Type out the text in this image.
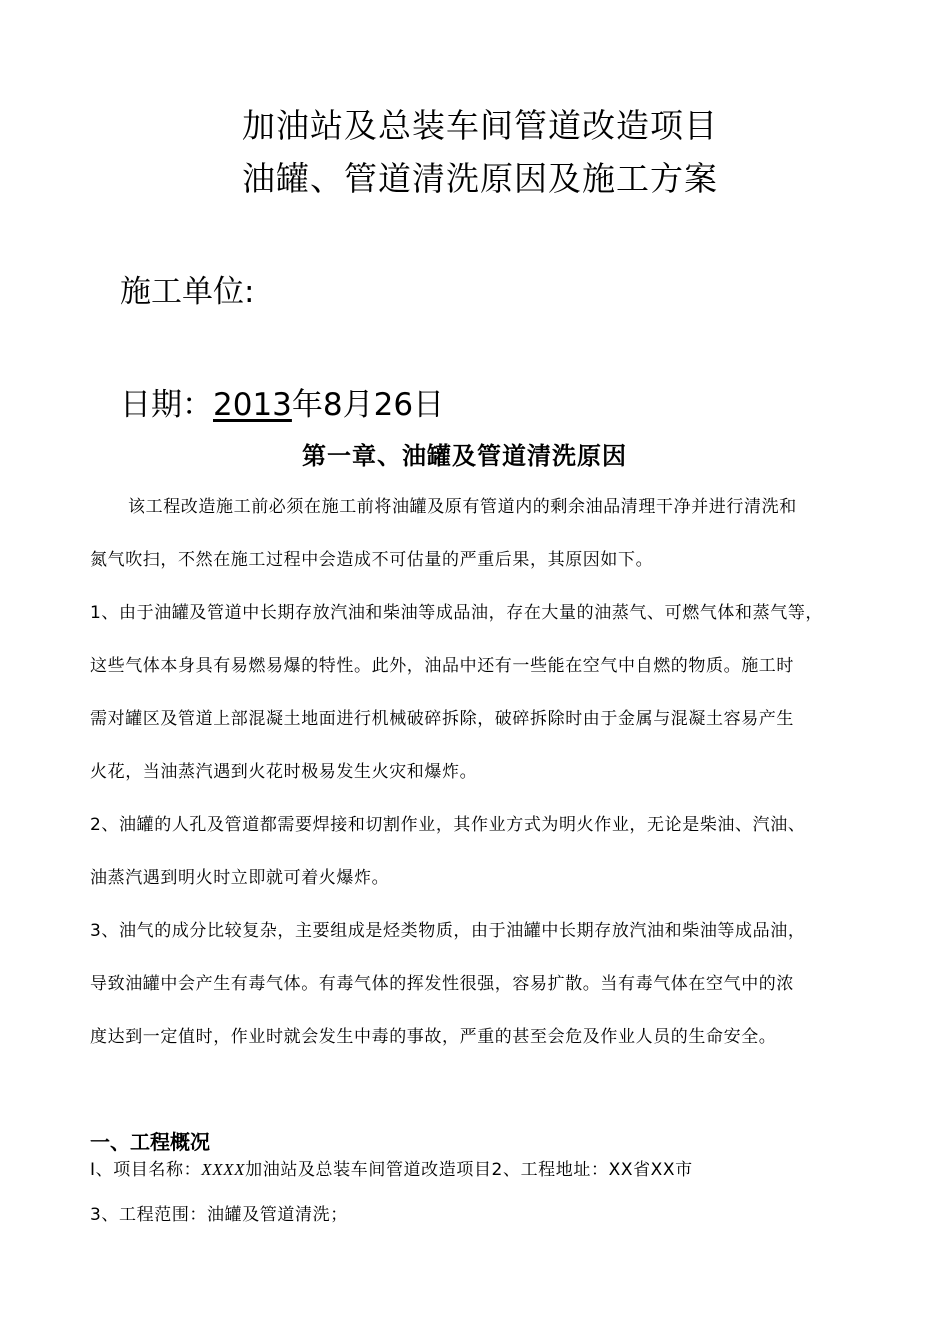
加油站及总装车间管道改造项目
油罐、管道清洗原因及施工方案
施工单位:
日期：2013年8月26日
第一章、油罐及管道清洗原因
该工程改造施工前必须在施工前将油罐及原有管道内的剩余油品清理干净并进行清洗和
氮气吹扫，不然在施工过程中会造成不可估量的严重后果，其原因如下。
1、由于油罐及管道中长期存放汽油和柴油等成品油，存在大量的油蒸气、可燃气体和蒸气等，
这些气体本身具有易燃易爆的特性。此外，油品中还有一些能在空气中自燃的物质。施工时
需对罐区及管道上部混凝土地面进行机械破碎拆除，破碎拆除时由于金属与混凝土容易产生
火花，当油蒸汽遇到火花时极易发生火灾和爆炸。
2、油罐的人孔及管道都需要焊接和切割作业，其作业方式为明火作业，无论是柴油、汽油、
油蒸汽遇到明火时立即就可着火爆炸。
3、油气的成分比较复杂，主要组成是烃类物质，由于油罐中长期存放汽油和柴油等成品油，
导致油罐中会产生有毒气体。有毒气体的挥发性很强，容易扩散。当有毒气体在空气中的浓
度达到一定值时，作业时就会发生中毒的事故，严重的甚至会危及作业人员的生命安全。
一、工程概况
I、项目名称：XXXX加油站及总装车间管道改造项目2、工程地址：XX省XX市
3、工程范围：油罐及管道清洗；
